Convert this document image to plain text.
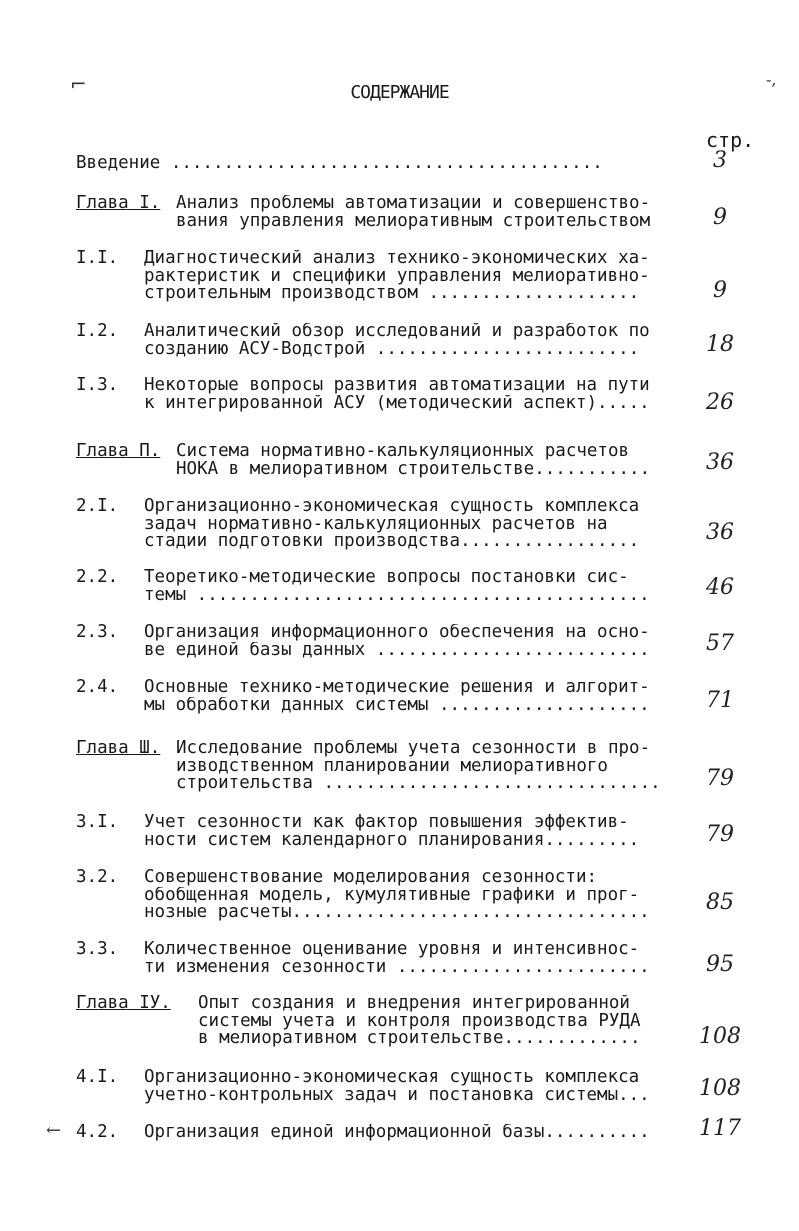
⌐	-,
←
СОДЕРЖАНИЕ
стр.
Введение .........................................	3
Глава I. Анализ проблемы автоматизации и совершенство-
вания управления мелиоративным строительством	9
I.I. Диагностический анализ технико-экономических ха-
рактеристик и специфики управления мелиоративно-
строительным производством ....................	9
I.2. Аналитический обзор исследований и разработок по
созданию АСУ-Водстрой .........................	18
I.3. Некоторые вопросы развития автоматизации на пути
к интегрированной АСУ (методический аспект).....	26
Глава П. Система нормативно-калькуляционных расчетов
НОКА в мелиоративном строительстве...........	36
2.I. Организационно-экономическая сущность комплекса
задач нормативно-калькуляционных расчетов на
стадии подготовки производства.................	36
2.2. Теоретико-методические вопросы постановки сис-
темы ...........................................	46
2.3. Организация информационного обеспечения на осно-
ве единой базы данных ..........................	57
2.4. Основные технико-методические решения и алгорит-
мы обработки данных системы ....................	71
Глава Ш. Исследование проблемы учета сезонности в про-
изводственном планировании мелиоративного
строительства ................................	79
3.I. Учет сезонности как фактор повышения эффектив-
ности систем календарного планирования.........	79
3.2. Совершенствование моделирования сезонности:
обобщенная модель, кумулятивные графики и прог-
нозные расчеты..................................	85
3.3. Количественное оценивание уровня и интенсивнос-
ти изменения сезонности ........................	95
Глава IУ. Опыт создания и внедрения интегрированной
системы учета и контроля производства РУДА
в мелиоративном строительстве.............	108
4.I. Организационно-экономическая сущность комплекса
учетно-контрольных задач и постановка системы...	108
4.2. Организация единой информационной базы..........	117
